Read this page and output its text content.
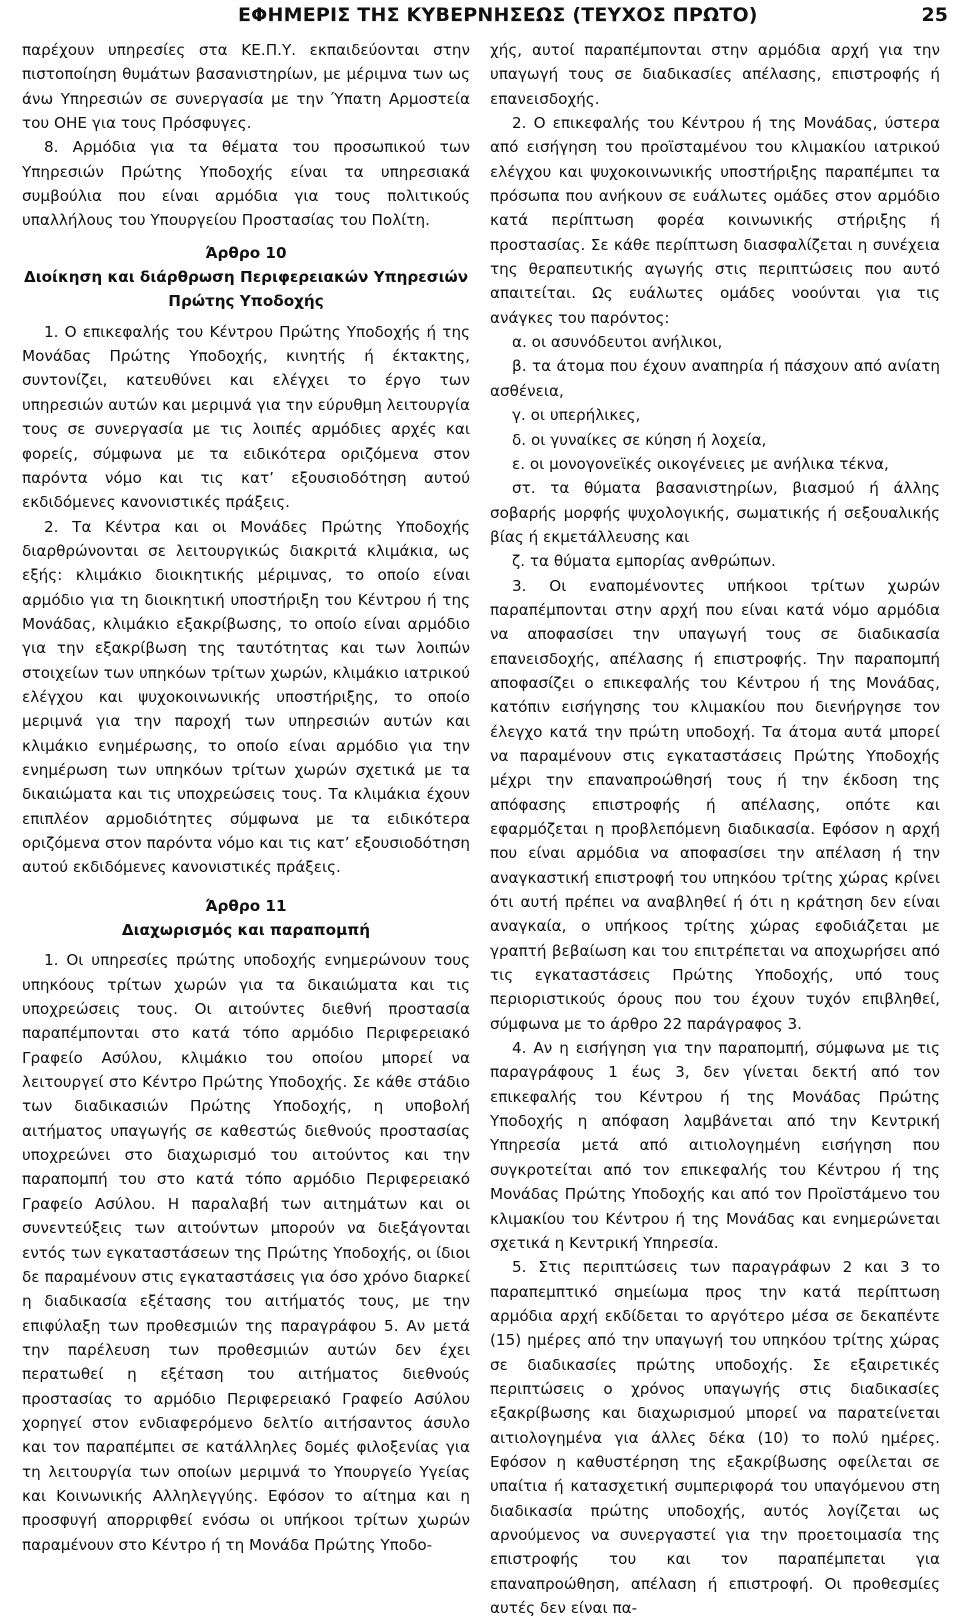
ΕΦΗΜΕΡΙΣ ΤΗΣ ΚΥΒΕΡΝΗΣΕΩΣ (ΤΕΥΧΟΣ ΠΡΩΤΟ)	25

παρέχουν υπηρεσίες στα ΚΕ.Π.Υ. εκπαιδεύονται στην πιστοποίηση θυμάτων βασανιστηρίων, με μέριμνα των ως άνω Υπηρεσιών σε συνεργασία με την Ύπατη Αρμοστεία του ΟΗΕ για τους Πρόσφυγες.

8. Αρμόδια για τα θέματα του προσωπικού των Υπηρεσιών Πρώτης Υποδοχής είναι τα υπηρεσιακά συμβούλια που είναι αρμόδια για τους πολιτικούς υπαλλήλους του Υπουργείου Προστασίας του Πολίτη.

Άρθρο 10
Διοίκηση και διάρθρωση Περιφερειακών Υπηρεσιών
Πρώτης Υποδοχής

1. Ο επικεφαλής του Κέντρου Πρώτης Υποδοχής ή της Μονάδας Πρώτης Υποδοχής, κινητής ή έκτακτης, συντονίζει, κατευθύνει και ελέγχει το έργο των υπηρεσιών αυτών και μεριμνά για την εύρυθμη λειτουργία τους σε συνεργασία με τις λοιπές αρμόδιες αρχές και φορείς, σύμφωνα με τα ειδικότερα οριζόμενα στον παρόντα νόμο και τις κατ’ εξουσιοδότηση αυτού εκδιδόμενες κανονιστικές πράξεις.

2. Τα Κέντρα και οι Μονάδες Πρώτης Υποδοχής διαρθρώνονται σε λειτουργικώς διακριτά κλιμάκια, ως εξής: κλιμάκιο διοικητικής μέριμνας, το οποίο είναι αρμόδιο για τη διοικητική υποστήριξη του Κέντρου ή της Μονάδας, κλιμάκιο εξακρίβωσης, το οποίο είναι αρμόδιο για την εξακρίβωση της ταυτότητας και των λοιπών στοιχείων των υπηκόων τρίτων χωρών, κλιμάκιο ιατρικού ελέγχου και ψυχοκοινωνικής υποστήριξης, το οποίο μεριμνά για την παροχή των υπηρεσιών αυτών και κλιμάκιο ενημέρωσης, το οποίο είναι αρμόδιο για την ενημέρωση των υπηκόων τρίτων χωρών σχετικά με τα δικαιώματα και τις υποχρεώσεις τους. Τα κλιμάκια έχουν επιπλέον αρμοδιότητες σύμφωνα με τα ειδικότερα οριζόμενα στον παρόντα νόμο και τις κατ’ εξουσιοδότηση αυτού εκδιδόμενες κανονιστικές πράξεις.

Άρθρο 11
Διαχωρισμός και παραπομπή

1. Οι υπηρεσίες πρώτης υποδοχής ενημερώνουν τους υπηκόους τρίτων χωρών για τα δικαιώματα και τις υποχρεώσεις τους. Οι αιτούντες διεθνή προστασία παραπέμπονται στο κατά τόπο αρμόδιο Περιφερειακό Γραφείο Ασύλου, κλιμάκιο του οποίου μπορεί να λειτουργεί στο Κέντρο Πρώτης Υποδοχής. Σε κάθε στάδιο των διαδικασιών Πρώτης Υποδοχής, η υποβολή αιτήματος υπαγωγής σε καθεστώς διεθνούς προστασίας υποχρεώνει στο διαχωρισμό του αιτούντος και την παραπομπή του στο κατά τόπο αρμόδιο Περιφερειακό Γραφείο Ασύλου. Η παραλαβή των αιτημάτων και οι συνεντεύξεις των αιτούντων μπορούν να διεξάγονται εντός των εγκαταστάσεων της Πρώτης Υποδοχής, οι ίδιοι δε παραμένουν στις εγκαταστάσεις για όσο χρόνο διαρκεί η διαδικασία εξέτασης του αιτήματός τους, με την επιφύλαξη των προθεσμιών της παραγράφου 5. Αν μετά την παρέλευση των προθεσμιών αυτών δεν έχει περατωθεί η εξέταση του αιτήματος διεθνούς προστασίας το αρμόδιο Περιφερειακό Γραφείο Ασύλου χορηγεί στον ενδιαφερόμενο δελτίο αιτήσαντος άσυλο και τον παραπέμπει σε κατάλληλες δομές φιλοξενίας για τη λειτουργία των οποίων μεριμνά το Υπουργείο Υγείας και Κοινωνικής Αλληλεγγύης. Εφόσον το αίτημα και η προσφυγή απορριφθεί ενόσω οι υπήκοοι τρίτων χωρών παραμένουν στο Κέντρο ή τη Μονάδα Πρώτης Υποδο-

χής, αυτοί παραπέμπονται στην αρμόδια αρχή για την υπαγωγή τους σε διαδικασίες απέλασης, επιστροφής ή επανεισδοχής.

2. Ο επικεφαλής του Κέντρου ή της Μονάδας, ύστερα από εισήγηση του προϊσταμένου του κλιμακίου ιατρικού ελέγχου και ψυχοκοινωνικής υποστήριξης παραπέμπει τα πρόσωπα που ανήκουν σε ευάλωτες ομάδες στον αρμόδιο κατά περίπτωση φορέα κοινωνικής στήριξης ή προστασίας. Σε κάθε περίπτωση διασφαλίζεται η συνέχεια της θεραπευτικής αγωγής στις περιπτώσεις που αυτό απαιτείται. Ως ευάλωτες ομάδες νοούνται για τις ανάγκες του παρόντος:

α. οι ασυνόδευτοι ανήλικοι,

β. τα άτομα που έχουν αναπηρία ή πάσχουν από ανίατη ασθένεια,

γ. οι υπερήλικες,

δ. οι γυναίκες σε κύηση ή λοχεία,

ε. οι μονογονεϊκές οικογένειες με ανήλικα τέκνα,

στ. τα θύματα βασανιστηρίων, βιασμού ή άλλης σοβαρής μορφής ψυχολογικής, σωματικής ή σεξουαλικής βίας ή εκμετάλλευσης και

ζ. τα θύματα εμπορίας ανθρώπων.

3. Οι εναπομένοντες υπήκοοι τρίτων χωρών παραπέμπονται στην αρχή που είναι κατά νόμο αρμόδια να αποφασίσει την υπαγωγή τους σε διαδικασία επανεισδοχής, απέλασης ή επιστροφής. Την παραπομπή αποφασίζει ο επικεφαλής του Κέντρου ή της Μονάδας, κατόπιν εισήγησης του κλιμακίου που διενήργησε τον έλεγχο κατά την πρώτη υποδοχή. Τα άτομα αυτά μπορεί να παραμένουν στις εγκαταστάσεις Πρώτης Υποδοχής μέχρι την επαναπροώθησή τους ή την έκδοση της απόφασης επιστροφής ή απέλασης, οπότε και εφαρμόζεται η προβλεπόμενη διαδικασία. Εφόσον η αρχή που είναι αρμόδια να αποφασίσει την απέλαση ή την αναγκαστική επιστροφή του υπηκόου τρίτης χώρας κρίνει ότι αυτή πρέπει να αναβληθεί ή ότι η κράτηση δεν είναι αναγκαία, ο υπήκοος τρίτης χώρας εφοδιάζεται με γραπτή βεβαίωση και του επιτρέπεται να αποχωρήσει από τις εγκαταστάσεις Πρώτης Υποδοχής, υπό τους περιοριστικούς όρους που του έχουν τυχόν επιβληθεί, σύμφωνα με το άρθρο 22 παράγραφος 3.

4. Αν η εισήγηση για την παραπομπή, σύμφωνα με τις παραγράφους 1 έως 3, δεν γίνεται δεκτή από τον επικεφαλής του Κέντρου ή της Μονάδας Πρώτης Υποδοχής η απόφαση λαμβάνεται από την Κεντρική Υπηρεσία μετά από αιτιολογημένη εισήγηση που συγκροτείται από τον επικεφαλής του Κέντρου ή της Μονάδας Πρώτης Υποδοχής και από τον Προϊστάμενο του κλιμακίου του Κέντρου ή της Μονάδας και ενημερώνεται σχετικά η Κεντρική Υπηρεσία.

5. Στις περιπτώσεις των παραγράφων 2 και 3 το παραπεμπτικό σημείωμα προς την κατά περίπτωση αρμόδια αρχή εκδίδεται το αργότερο μέσα σε δεκαπέντε (15) ημέρες από την υπαγωγή του υπηκόου τρίτης χώρας σε διαδικασίες πρώτης υποδοχής. Σε εξαιρετικές περιπτώσεις ο χρόνος υπαγωγής στις διαδικασίες εξακρίβωσης και διαχωρισμού μπορεί να παρατείνεται αιτιολογημένα για άλλες δέκα (10) το πολύ ημέρες. Εφόσον η καθυστέρηση της εξακρίβωσης οφείλεται σε υπαίτια ή κατασχετική συμπεριφορά του υπαγόμενου στη διαδικασία πρώτης υποδοχής, αυτός λογίζεται ως αρνούμενος να συνεργαστεί για την προετοιμασία της επιστροφής του και τον παραπέμπεται για επαναπροώθηση, απέλαση ή επιστροφή. Οι προθεσμίες αυτές δεν είναι πα-
